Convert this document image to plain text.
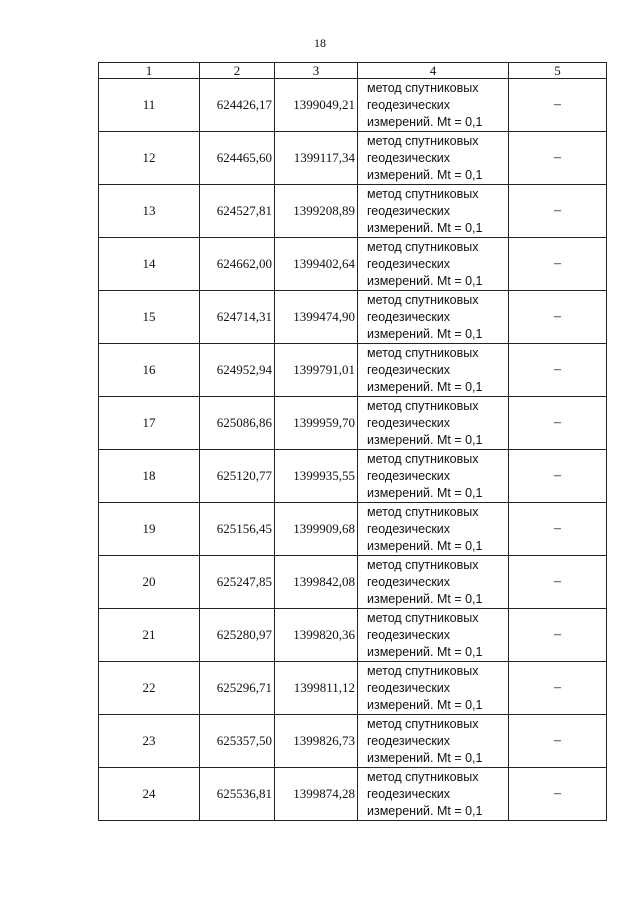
18
1	2	3	4	5
11	624426,17	1399049,21	метод спутниковых
геодезических
измерений. Mt = 0,1	–
12	624465,60	1399117,34	метод спутниковых
геодезических
измерений. Mt = 0,1	–
13	624527,81	1399208,89	метод спутниковых
геодезических
измерений. Mt = 0,1	–
14	624662,00	1399402,64	метод спутниковых
геодезических
измерений. Mt = 0,1	–
15	624714,31	1399474,90	метод спутниковых
геодезических
измерений. Mt = 0,1	–
16	624952,94	1399791,01	метод спутниковых
геодезических
измерений. Mt = 0,1	–
17	625086,86	1399959,70	метод спутниковых
геодезических
измерений. Mt = 0,1	–
18	625120,77	1399935,55	метод спутниковых
геодезических
измерений. Mt = 0,1	–
19	625156,45	1399909,68	метод спутниковых
геодезических
измерений. Mt = 0,1	–
20	625247,85	1399842,08	метод спутниковых
геодезических
измерений. Mt = 0,1	–
21	625280,97	1399820,36	метод спутниковых
геодезических
измерений. Mt = 0,1	–
22	625296,71	1399811,12	метод спутниковых
геодезических
измерений. Mt = 0,1	–
23	625357,50	1399826,73	метод спутниковых
геодезических
измерений. Mt = 0,1	–
24	625536,81	1399874,28	метод спутниковых
геодезических
измерений. Mt = 0,1	–
